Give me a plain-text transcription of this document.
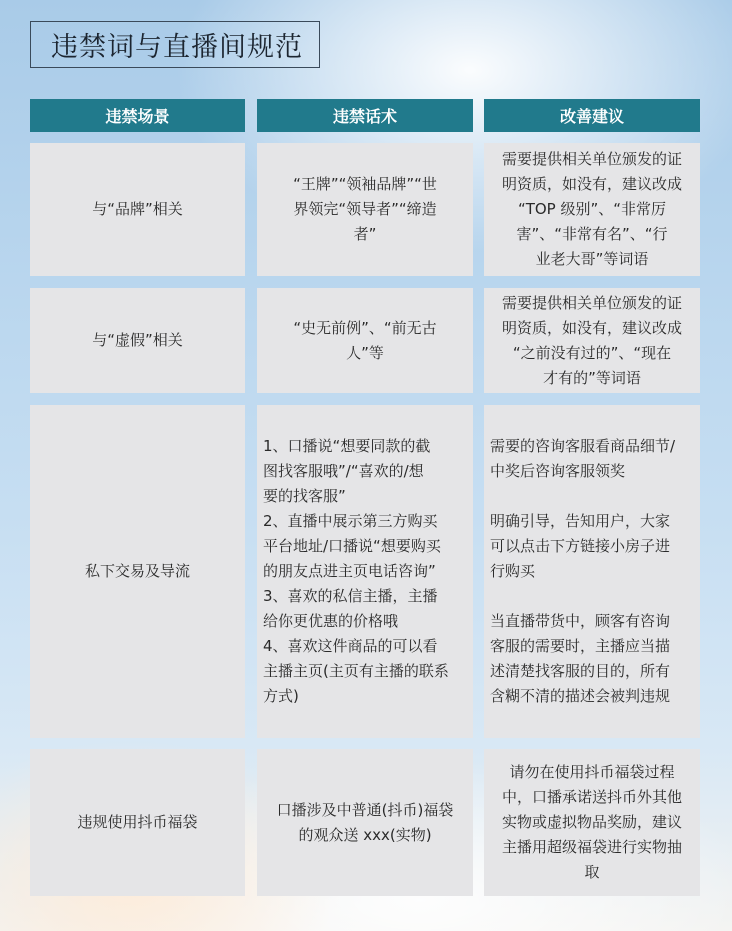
违禁词与直播间规范
违禁场景	违禁话术	改善建议
与“品牌”相关
“王牌”“领袖品牌”“世
界领完“领导者”“缔造
者”
需要提供相关单位颁发的证
明资质，如没有，建议改成
“TOP 级别”、“非常厉
害”、“非常有名”、“行
业老大哥”等词语
与“虚假”相关
“史无前例”、“前无古
人”等
需要提供相关单位颁发的证
明资质，如没有，建议改成
“之前没有过的”、“现在
才有的”等词语
私下交易及导流
1、口播说“想要同款的截
图找客服哦”/“喜欢的/想
要的找客服”
2、直播中展示第三方购买
平台地址/口播说“想要购买
的朋友点进主页电话咨询”
3、喜欢的私信主播，主播
给你更优惠的价格哦
4、喜欢这件商品的可以看
主播主页(主页有主播的联系
方式)
需要的咨询客服看商品细节/
中奖后咨询客服领奖

明确引导，告知用户，大家
可以点击下方链接小房子进
行购买

当直播带货中，顾客有咨询
客服的需要时，主播应当描
述清楚找客服的目的，所有
含糊不清的描述会被判违规
违规使用抖币福袋
口播涉及中普通(抖币)福袋
的观众送 xxx(实物)
请勿在使用抖币福袋过程
中，口播承诺送抖币外其他
实物或虚拟物品奖励，建议
主播用超级福袋进行实物抽
取
